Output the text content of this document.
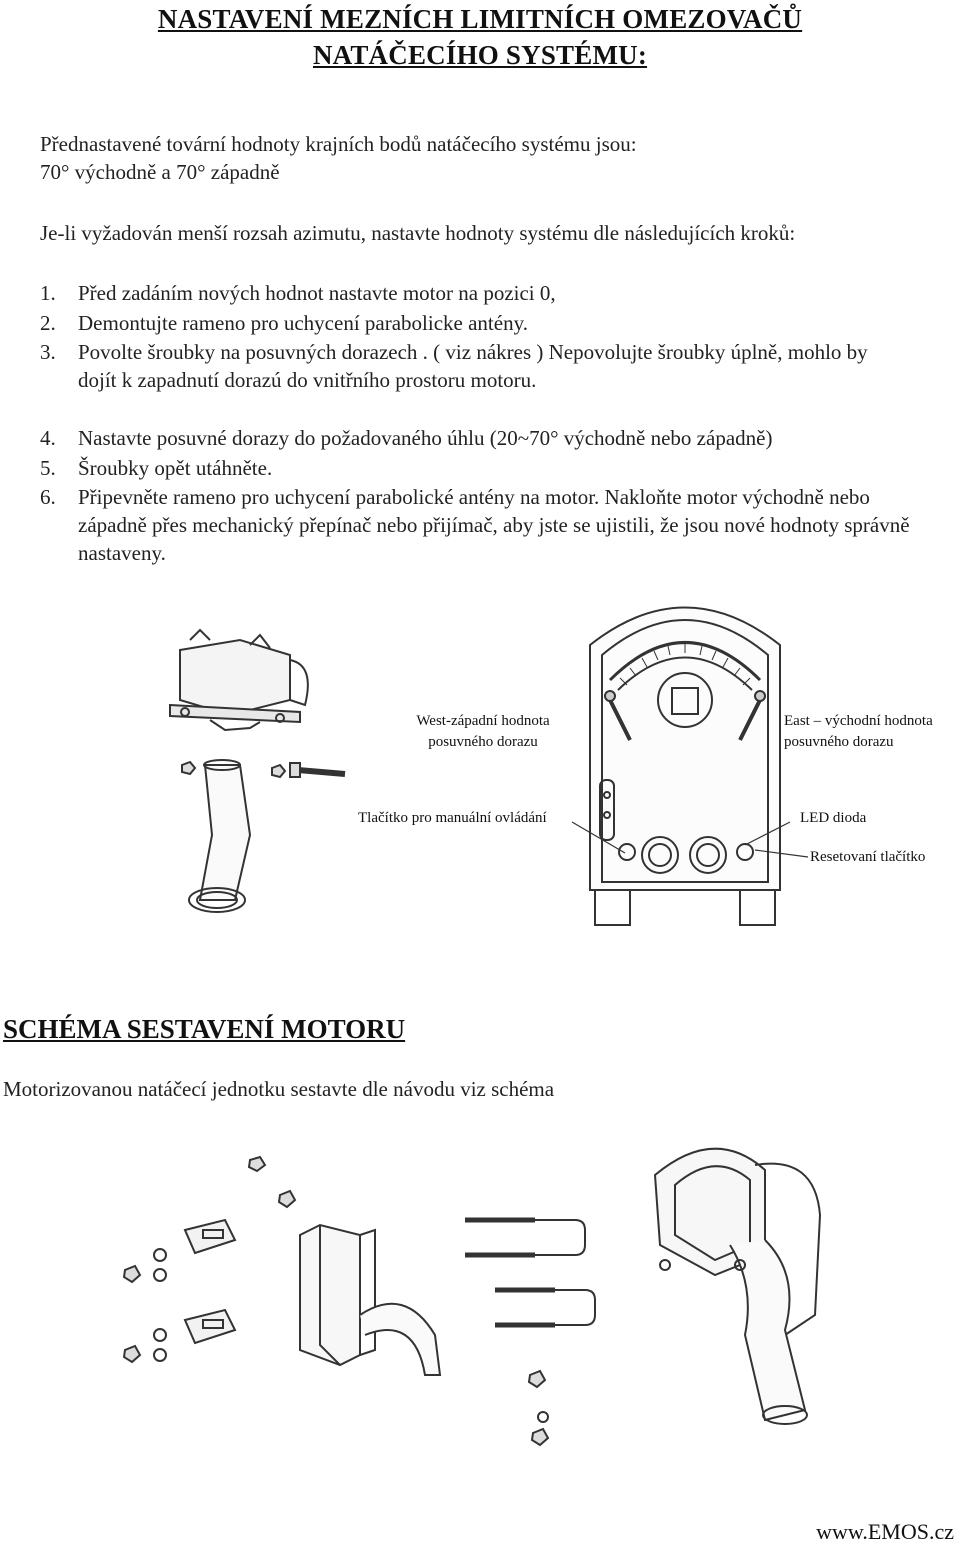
NASTAVENÍ MEZNÍCH LIMITNÍCH OMEZOVAČŮ
NATÁČECÍHO SYSTÉMU:
Přednastavené tovární hodnoty krajních bodů natáčecího systému jsou:
70° východně a 70° západně
Je-li vyžadován menší rozsah azimutu, nastavte hodnoty systému dle následujících kroků:
1. Před zadáním nových hodnot nastavte motor na pozici 0,
2. Demontujte rameno pro uchycení parabolicke antény.
3. Povolte šroubky na posuvných dorazech . ( viz nákres ) Nepovolujte šroubky úplně, mohlo by dojít k zapadnutí dorazú do vnitřního prostoru motoru.
4. Nastavte posuvné dorazy do požadovaného úhlu (20~70° východně nebo západně)
5. Šroubky opět utáhněte.
6. Připevněte rameno pro uchycení parabolické antény na motor. Nakloňte motor východně nebo západně přes mechanický přepínač nebo přijímač, aby jste se ujistili, že jsou nové hodnoty správně nastaveny.
West-západní hodnota
posuvného dorazu
East – východní hodnota
posuvného dorazu
Tlačítko pro manuální ovládání	LED dioda
Resetovaní tlačítko
SCHÉMA SESTAVENÍ MOTORU
Motorizovanou natáčecí jednotku sestavte dle návodu viz schéma
www.EMOS.cz
